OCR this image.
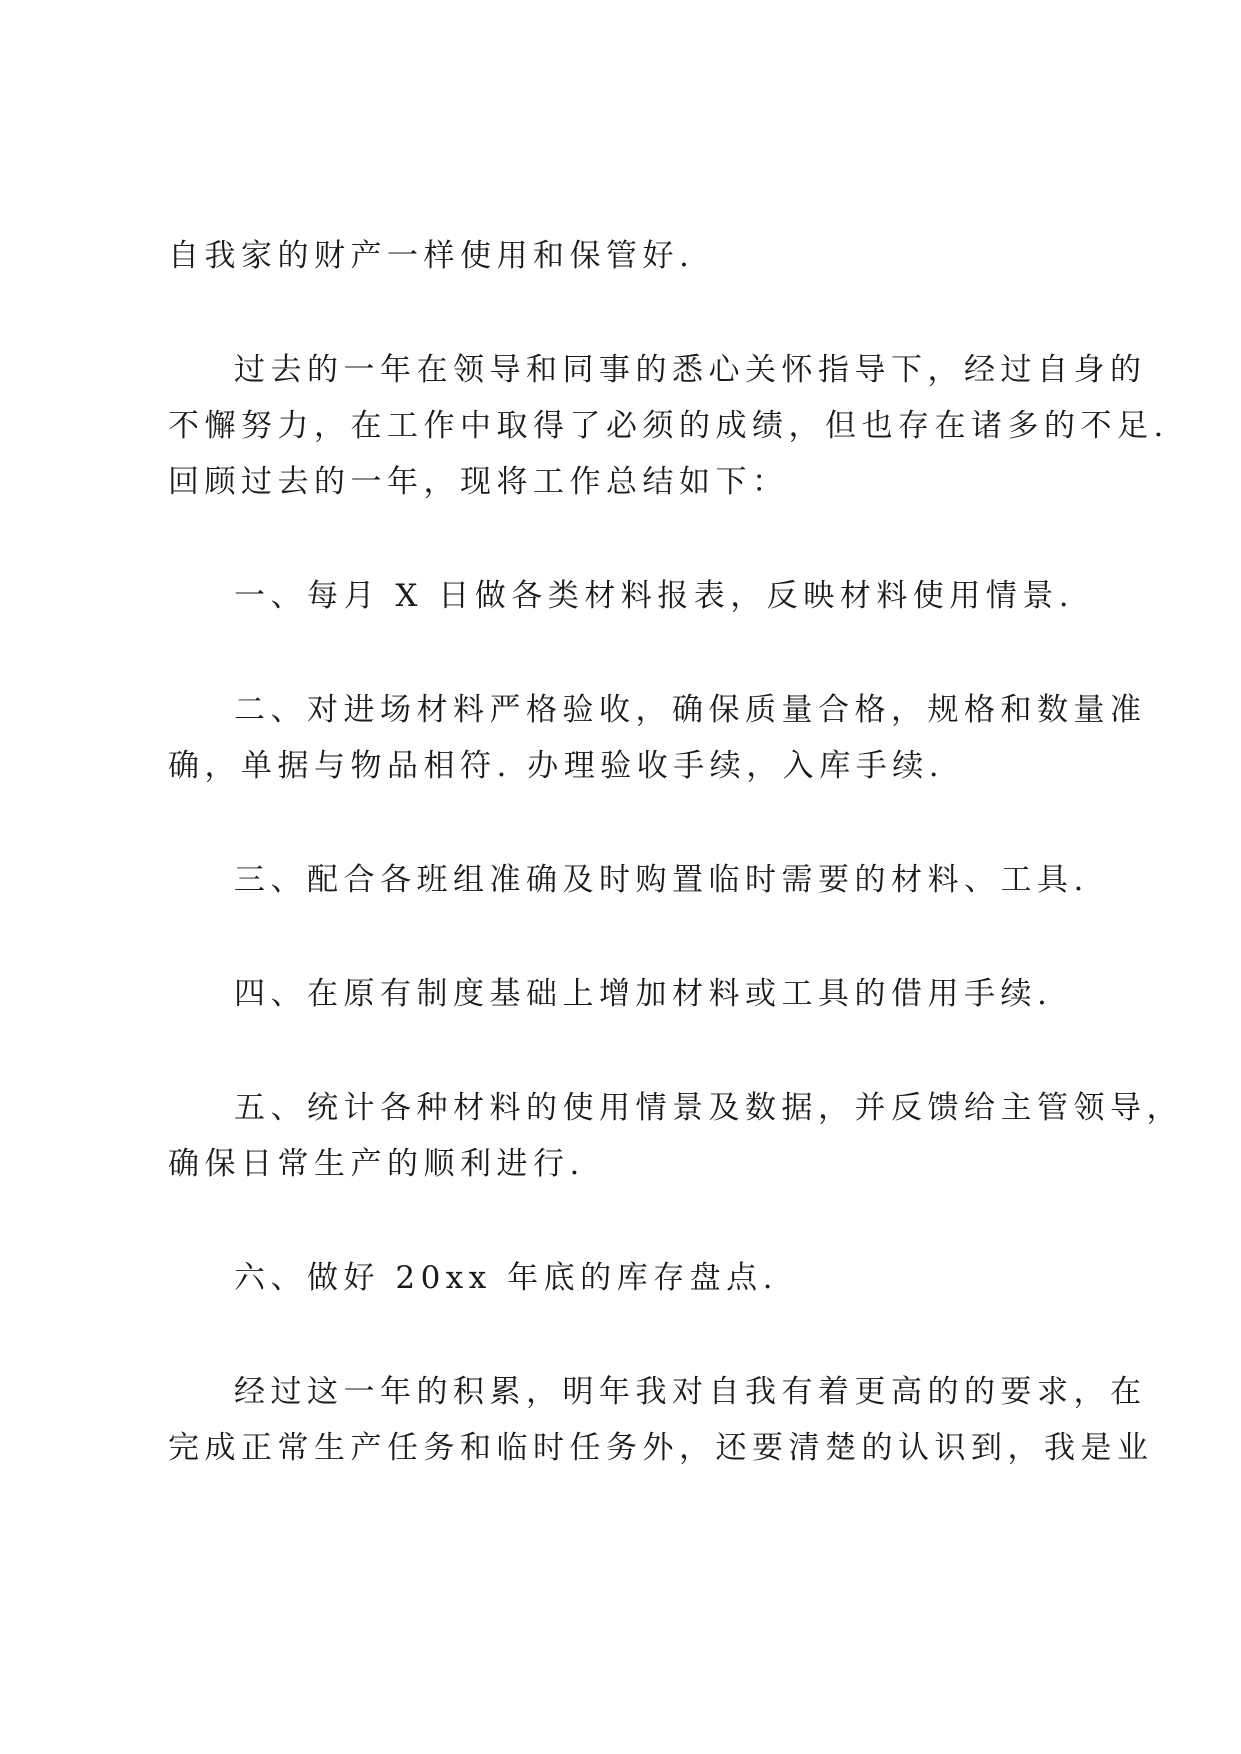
自我家的财产一样使用和保管好.
过去的一年在领导和同事的悉心关怀指导下，经过自身的
不懈努力，在工作中取得了必须的成绩，但也存在诸多的不足.
回顾过去的一年，现将工作总结如下：
一、每月 X 日做各类材料报表，反映材料使用情景.
二、对进场材料严格验收，确保质量合格，规格和数量准
确，单据与物品相符. 办理验收手续，入库手续.
三、配合各班组准确及时购置临时需要的材料、工具.
四、在原有制度基础上增加材料或工具的借用手续.
五、统计各种材料的使用情景及数据，并反馈给主管领导，
确保日常生产的顺利进行.
六、做好 20xx 年底的库存盘点.
经过这一年的积累，明年我对自我有着更高的的要求，在
完成正常生产任务和临时任务外，还要清楚的认识到，我是业
